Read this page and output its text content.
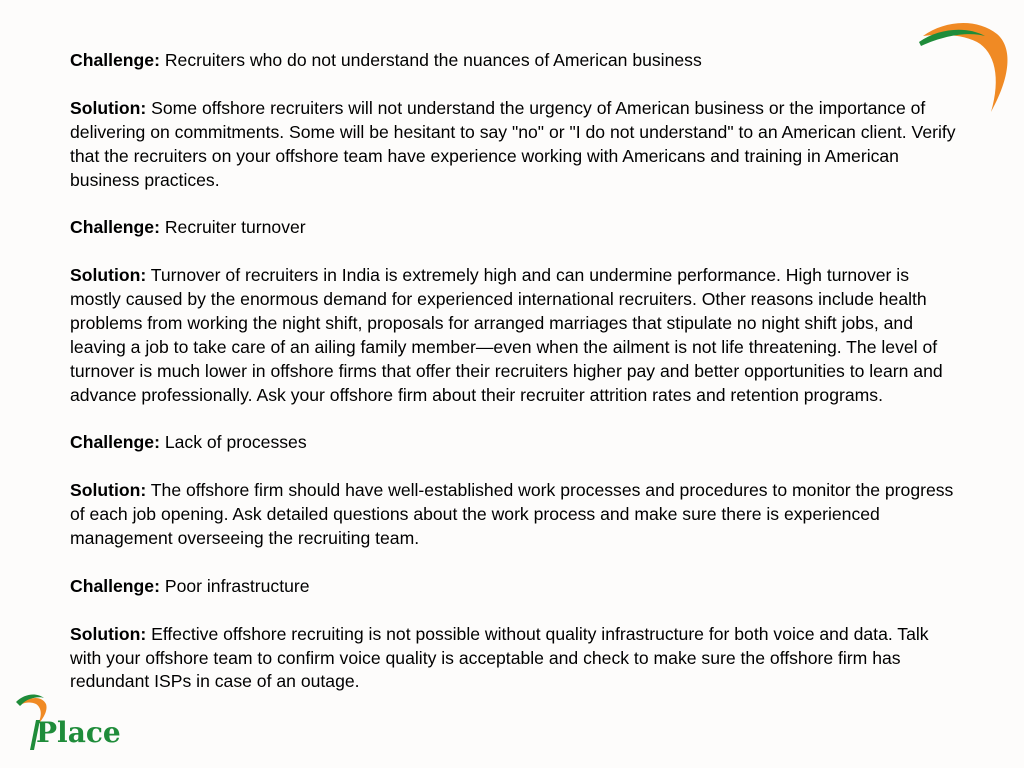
Challenge: Recruiters who do not understand the nuances of American business

Solution: Some offshore recruiters will not understand the urgency of American business or the importance of delivering on commitments. Some will be hesitant to say "no" or "I do not understand" to an American client. Verify that the recruiters on your offshore team have experience working with Americans and training in American business practices.

Challenge: Recruiter turnover

Solution: Turnover of recruiters in India is extremely high and can undermine performance. High turnover is mostly caused by the enormous demand for experienced international recruiters. Other reasons include health problems from working the night shift, proposals for arranged marriages that stipulate no night shift jobs, and leaving a job to take care of an ailing family member—even when the ailment is not life threatening. The level of turnover is much lower in offshore firms that offer their recruiters higher pay and better opportunities to learn and advance professionally. Ask your offshore firm about their recruiter attrition rates and retention programs.

Challenge: Lack of processes

Solution: The offshore firm should have well-established work processes and procedures to monitor the progress of each job opening. Ask detailed questions about the work process and make sure there is experienced management overseeing the recruiting team.

Challenge: Poor infrastructure

Solution: Effective offshore recruiting is not possible without quality infrastructure for both voice and data. Talk with your offshore team to confirm voice quality is acceptable and check to make sure the offshore firm has redundant ISPs in case of an outage.

Place
